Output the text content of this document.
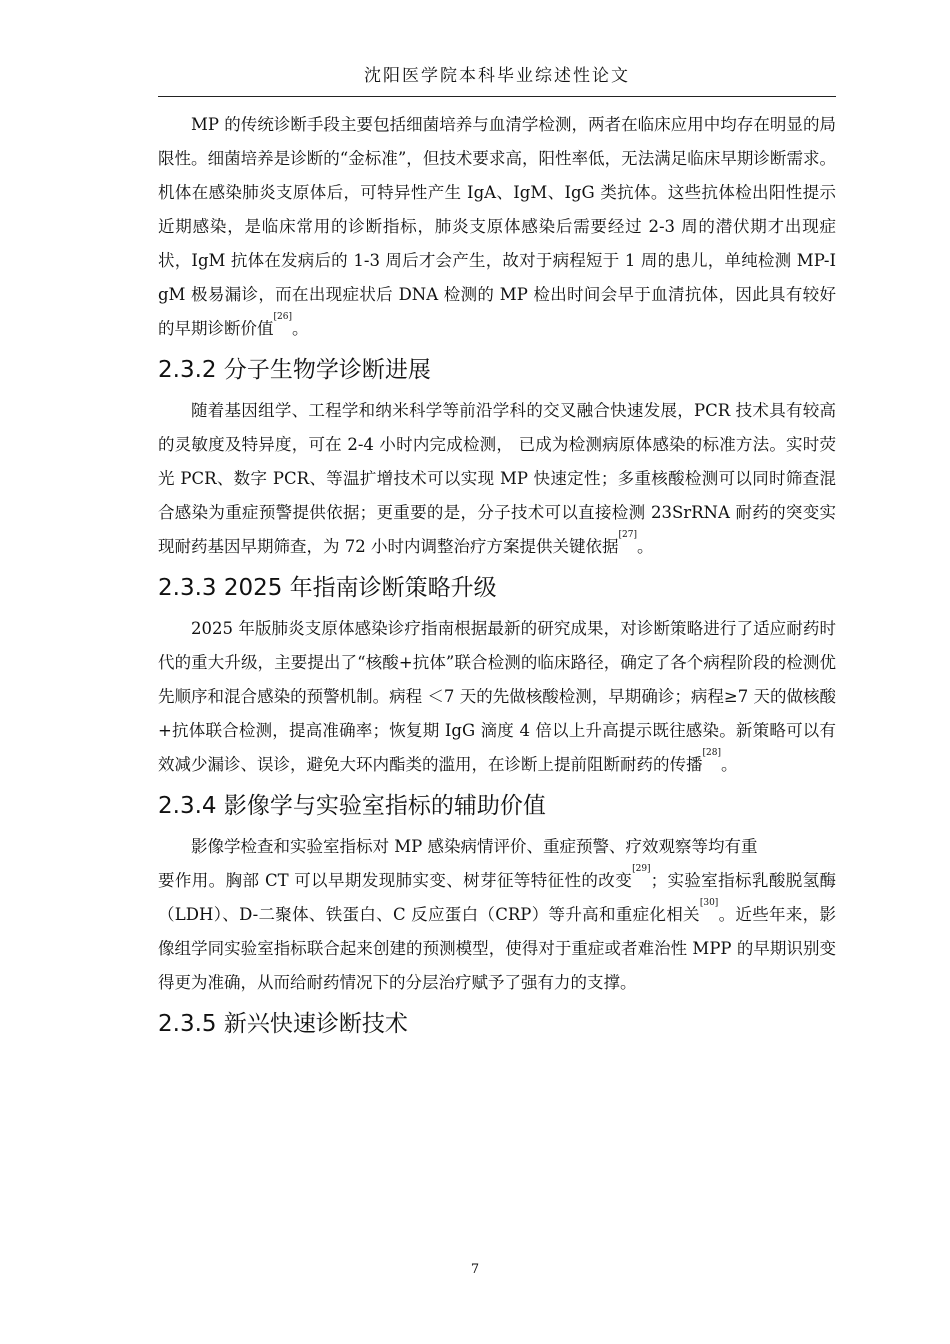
沈阳医学院本科毕业综述性论文

MP 的传统诊断手段主要包括细菌培养与血清学检测，两者在临床应用中均存在明显的局限性。细菌培养是诊断的“金标准”，但技术要求高，阳性率低，无法满足临床早期诊断需求。机体在感染肺炎支原体后，可特异性产生 IgA、IgM、IgG 类抗体。这些抗体检出阳性提示近期感染，是临床常用的诊断指标，肺炎支原体感染后需要经过 2-3 周的潜伏期才出现症状，IgM 抗体在发病后的 1-3 周后才会产生，故对于病程短于 1 周的患儿，单纯检测 MP-IgM 极易漏诊，而在出现症状后 DNA 检测的 MP 检出时间会早于血清抗体，因此具有较好的早期诊断价值[26]。

2.3.2 分子生物学诊断进展

随着基因组学、工程学和纳米科学等前沿学科的交叉融合快速发展，PCR 技术具有较高的灵敏度及特异度，可在 2-4 小时内完成检测， 已成为检测病原体感染的标准方法。实时荧光 PCR、数字 PCR、等温扩增技术可以实现 MP 快速定性；多重核酸检测可以同时筛查混合感染为重症预警提供依据；更重要的是，分子技术可以直接检测 23SrRNA 耐药的突变实现耐药基因早期筛查，为 72 小时内调整治疗方案提供关键依据[27]。

2.3.3 2025 年指南诊断策略升级

2025 年版肺炎支原体感染诊疗指南根据最新的研究成果，对诊断策略进行了适应耐药时代的重大升级，主要提出了“核酸+抗体”联合检测的临床路径，确定了各个病程阶段的检测优先顺序和混合感染的预警机制。病程 ＜7 天的先做核酸检测，早期确诊；病程≥7 天的做核酸+抗体联合检测，提高准确率；恢复期 IgG 滴度 4 倍以上升高提示既往感染。新策略可以有效减少漏诊、误诊，避免大环内酯类的滥用，在诊断上提前阻断耐药的传播[28]。

2.3.4 影像学与实验室指标的辅助价值

影像学检查和实验室指标对 MP 感染病情评价、重症预警、疗效观察等均有重

要作用。胸部 CT 可以早期发现肺实变、树芽征等特征性的改变[29]；实验室指标乳酸脱氢酶（LDH）、D-二聚体、铁蛋白、C 反应蛋白（CRP）等升高和重症化相关[30]。近些年来，影像组学同实验室指标联合起来创建的预测模型，使得对于重症或者难治性 MPP 的早期识别变得更为准确，从而给耐药情况下的分层治疗赋予了强有力的支撑。

2.3.5 新兴快速诊断技术
7
